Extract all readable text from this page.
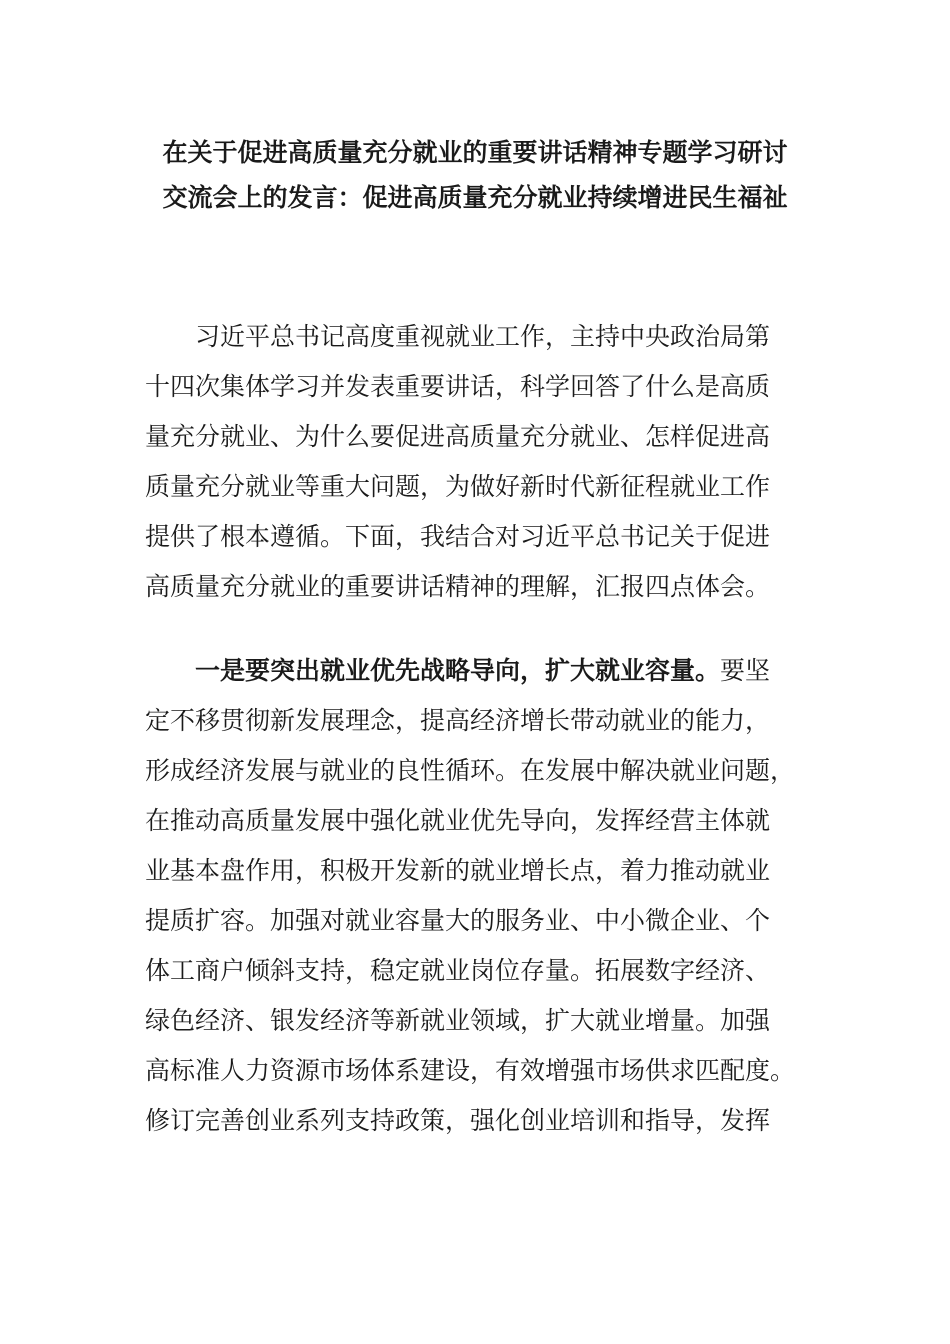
在关于促进高质量充分就业的重要讲话精神专题学习研讨
交流会上的发言：促进高质量充分就业持续增进民生福祉
习近平总书记高度重视就业工作，主持中央政治局第
十四次集体学习并发表重要讲话，科学回答了什么是高质
量充分就业、为什么要促进高质量充分就业、怎样促进高
质量充分就业等重大问题，为做好新时代新征程就业工作
提供了根本遵循。下面，我结合对习近平总书记关于促进
高质量充分就业的重要讲话精神的理解，汇报四点体会。
一是要突出就业优先战略导向，扩大就业容量。要坚
定不移贯彻新发展理念，提高经济增长带动就业的能力，
形成经济发展与就业的良性循环。在发展中解决就业问题，
在推动高质量发展中强化就业优先导向，发挥经营主体就
业基本盘作用，积极开发新的就业增长点，着力推动就业
提质扩容。加强对就业容量大的服务业、中小微企业、个
体工商户倾斜支持，稳定就业岗位存量。拓展数字经济、
绿色经济、银发经济等新就业领域，扩大就业增量。加强
高标准人力资源市场体系建设，有效增强市场供求匹配度。
修订完善创业系列支持政策，强化创业培训和指导，发挥
